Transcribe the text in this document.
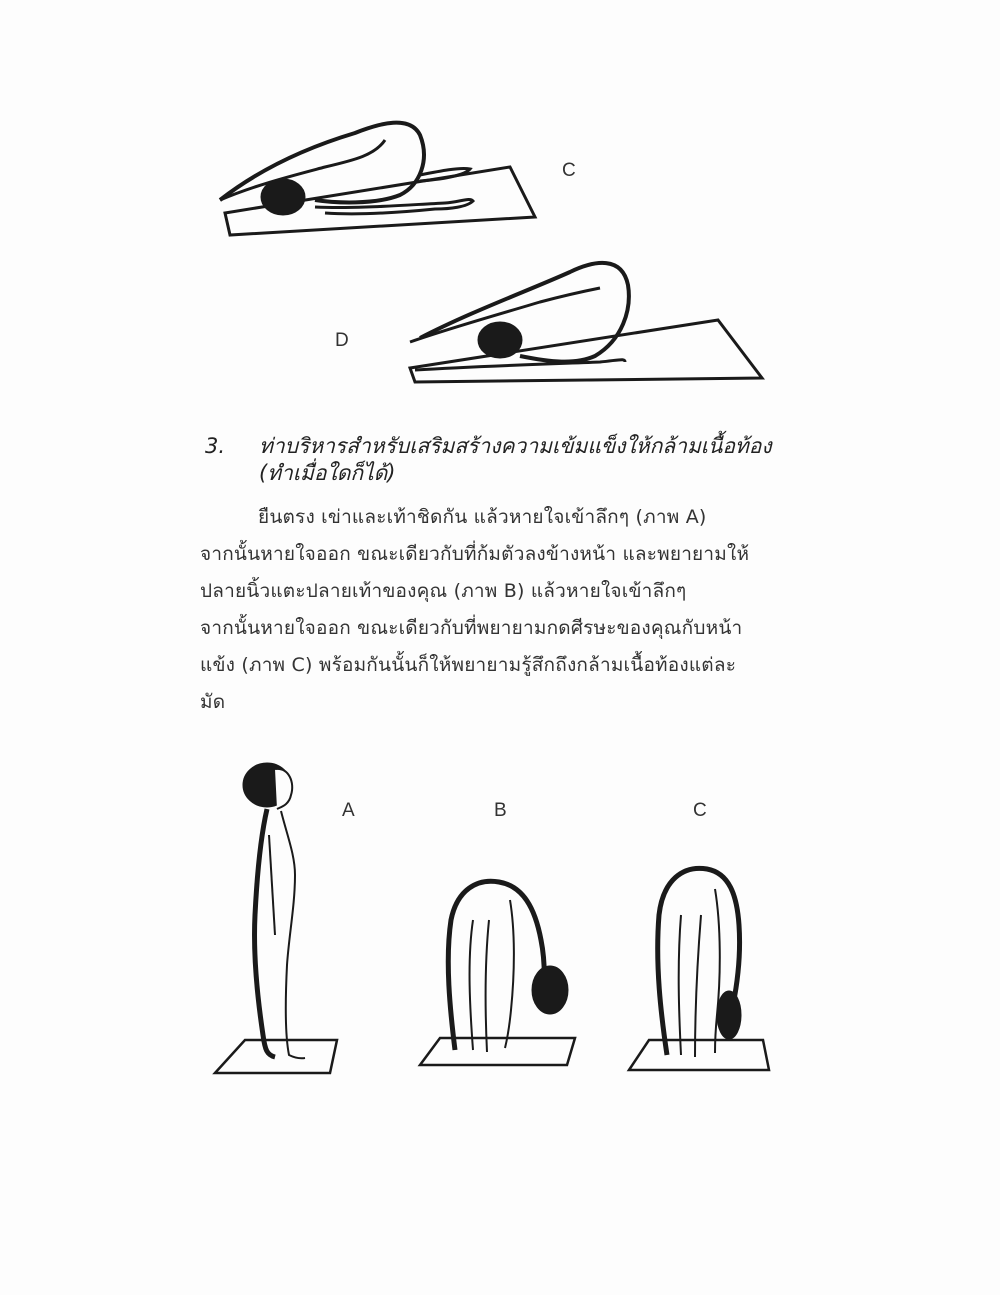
C
D
3. ท่าบริหารสำหรับเสริมสร้างความเข้มแข็งให้กล้ามเนื้อท้อง
(ทำเมื่อใดก็ได้)
ยืนตรง เข่าและเท้าชิดกัน แล้วหายใจเข้าลึกๆ (ภาพ A)
จากนั้นหายใจออก ขณะเดียวกับที่ก้มตัวลงข้างหน้า และพยายามให้
ปลายนิ้วแตะปลายเท้าของคุณ (ภาพ B) แล้วหายใจเข้าลึกๆ
จากนั้นหายใจออก ขณะเดียวกับที่พยายามกดศีรษะของคุณกับหน้า
แข้ง (ภาพ C) พร้อมกันนั้นก็ให้พยายามรู้สึกถึงกล้ามเนื้อท้องแต่ละ
มัด
A	B	C
